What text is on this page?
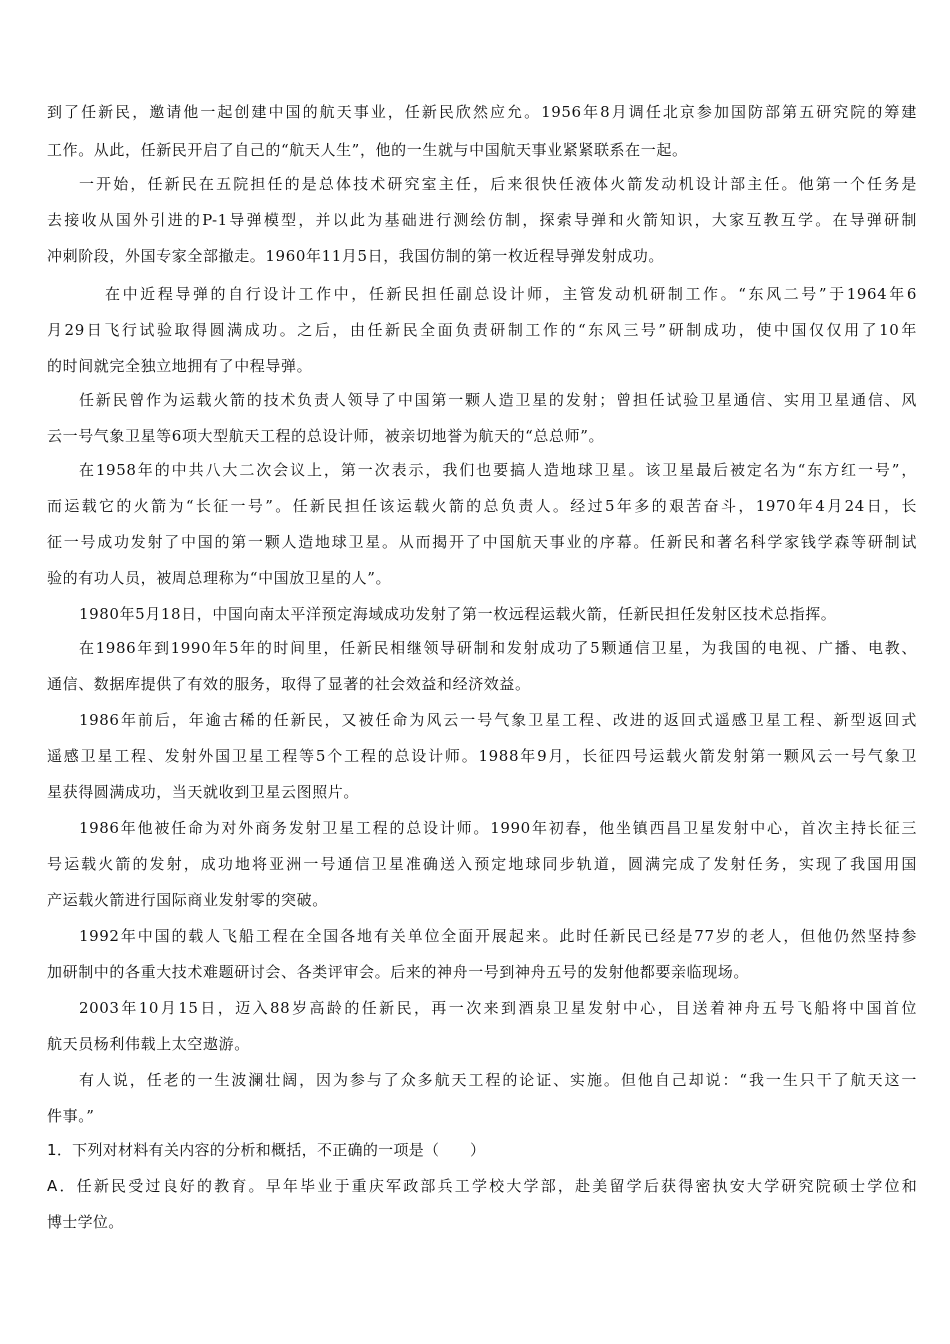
到了任新民，邀请他一起创建中国的航天事业，任新民欣然应允。1956年8月调任北京参加国防部第五研究院的筹建
工作。从此，任新民开启了自己的“航天人生”，他的一生就与中国航天事业紧紧联系在一起。
一开始，任新民在五院担任的是总体技术研究室主任，后来很快任液体火箭发动机设计部主任。他第一个任务是
去接收从国外引进的P-1导弹模型，并以此为基础进行测绘仿制，探索导弹和火箭知识，大家互教互学。在导弹研制
冲刺阶段，外国专家全部撤走。1960年11月5日，我国仿制的第一枚近程导弹发射成功。
在中近程导弹的自行设计工作中，任新民担任副总设计师，主管发动机研制工作。“东风二号”于1964年6
月29日飞行试验取得圆满成功。之后，由任新民全面负责研制工作的“东风三号”研制成功，使中国仅仅用了10年
的时间就完全独立地拥有了中程导弹。
任新民曾作为运载火箭的技术负责人领导了中国第一颗人造卫星的发射；曾担任试验卫星通信、实用卫星通信、风
云一号气象卫星等6项大型航天工程的总设计师，被亲切地誉为航天的“总总师”。
在1958年的中共八大二次会议上，第一次表示，我们也要搞人造地球卫星。该卫星最后被定名为“东方红一号”，
而运载它的火箭为“长征一号”。任新民担任该运载火箭的总负责人。经过5年多的艰苦奋斗，1970年4月24日，长
征一号成功发射了中国的第一颗人造地球卫星。从而揭开了中国航天事业的序幕。任新民和著名科学家钱学森等研制试
验的有功人员，被周总理称为“中国放卫星的人”。
1980年5月18日，中国向南太平洋预定海域成功发射了第一枚远程运载火箭，任新民担任发射区技术总指挥。
在1986年到1990年5年的时间里，任新民相继领导研制和发射成功了5颗通信卫星，为我国的电视、广播、电教、
通信、数据库提供了有效的服务，取得了显著的社会效益和经济效益。
1986年前后，年逾古稀的任新民，又被任命为风云一号气象卫星工程、改进的返回式遥感卫星工程、新型返回式
遥感卫星工程、发射外国卫星工程等5个工程的总设计师。1988年9月，长征四号运载火箭发射第一颗风云一号气象卫
星获得圆满成功，当天就收到卫星云图照片。
1986年他被任命为对外商务发射卫星工程的总设计师。1990年初春，他坐镇西昌卫星发射中心，首次主持长征三
号运载火箭的发射，成功地将亚洲一号通信卫星准确送入预定地球同步轨道，圆满完成了发射任务，实现了我国用国
产运载火箭进行国际商业发射零的突破。
1992年中国的载人飞船工程在全国各地有关单位全面开展起来。此时任新民已经是77岁的老人，但他仍然坚持参
加研制中的各重大技术难题研讨会、各类评审会。后来的神舟一号到神舟五号的发射他都要亲临现场。
2003年10月15日，迈入88岁高龄的任新民，再一次来到酒泉卫星发射中心，目送着神舟五号飞船将中国首位
航天员杨利伟载上太空遨游。
有人说，任老的一生波澜壮阔，因为参与了众多航天工程的论证、实施。但他自己却说：“我一生只干了航天这一
件事。”
1．下列对材料有关内容的分析和概括，不正确的一项是（　　）
A．任新民受过良好的教育。早年毕业于重庆军政部兵工学校大学部，赴美留学后获得密执安大学研究院硕士学位和
博士学位。
